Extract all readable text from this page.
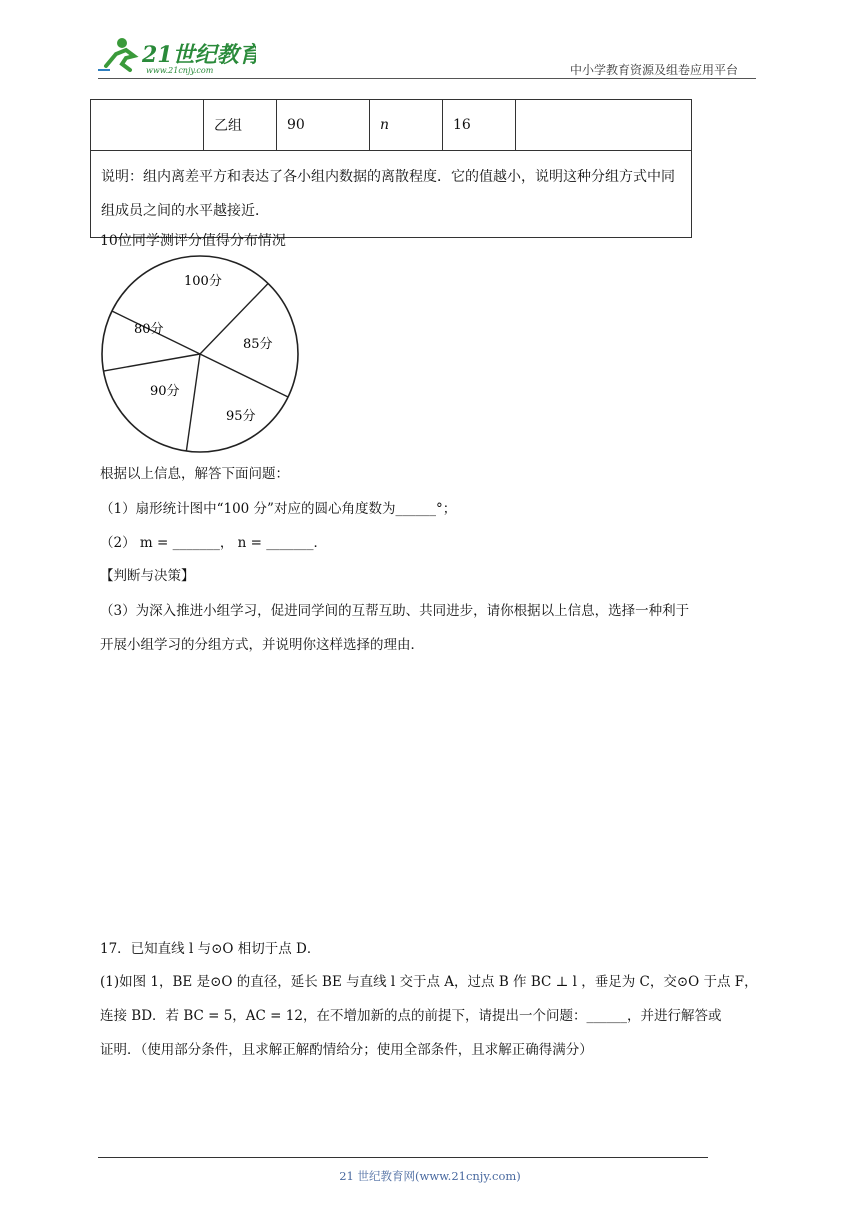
21世纪教育
www.21cnjy.com	中小学教育资源及组卷应用平台
	乙组	90	n	16	
说明：组内离差平方和表达了各小组内数据的离散程度．它的值越小，说明这种分组方式中同组成员之间的水平越接近．
10位同学测评分值得分布情况
100分
85分
95分
90分
80分
根据以上信息，解答下面问题：
（1）扇形统计图中“100 分”对应的圆心角度数为______°；
（2） m = _______， n = _______．
【判断与决策】
（3）为深入推进小组学习，促进同学间的互帮互助、共同进步，请你根据以上信息，选择一种利于
开展小组学习的分组方式，并说明你这样选择的理由．
17．已知直线 l 与⊙O 相切于点 D．
(1)如图 1，BE 是⊙O 的直径，延长 BE 与直线 l 交于点 A，过点 B 作 BC ⊥ l ，垂足为 C，交⊙O 于点 F，
连接 BD．若 BC = 5，AC = 12，在不增加新的点的前提下，请提出一个问题：______，并进行解答或
证明．（使用部分条件，且求解正解酌情给分；使用全部条件，且求解正确得满分）
21 世纪教育网(www.21cnjy.com)
